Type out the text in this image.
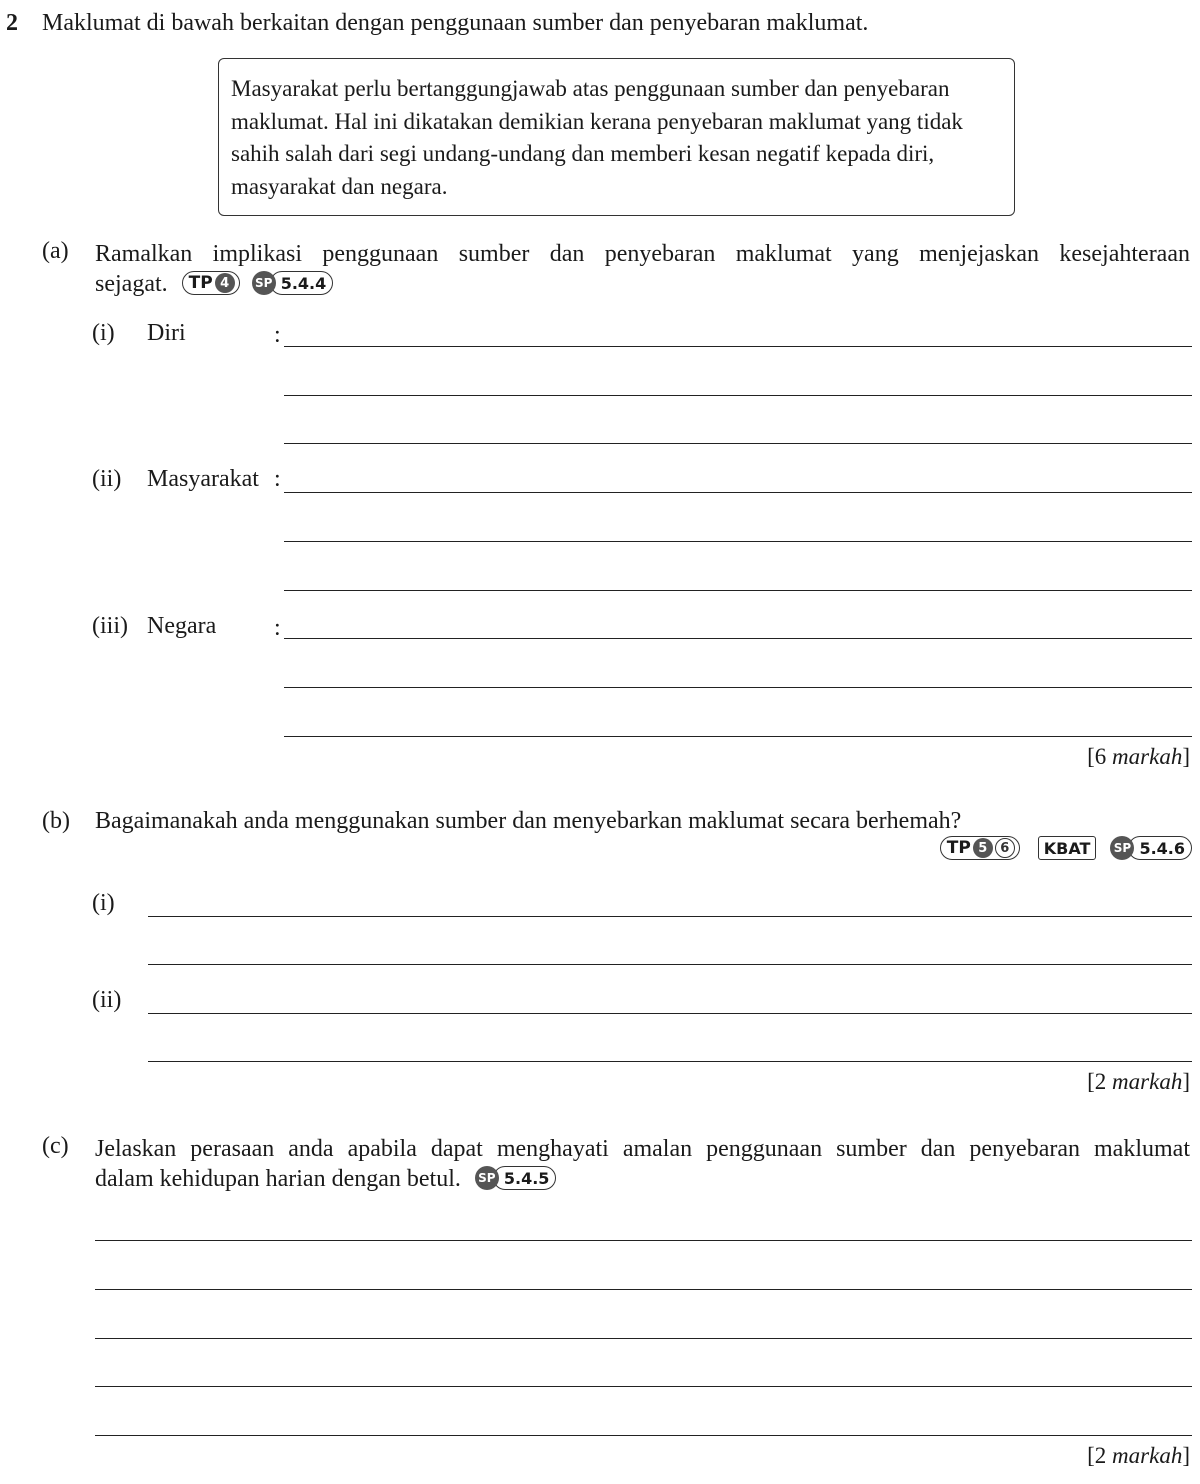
2 Maklumat di bawah berkaitan dengan penggunaan sumber dan penyebaran maklumat.
Masyarakat perlu bertanggungjawab atas penggunaan sumber dan penyebaran
maklumat. Hal ini dikatakan demikian kerana penyebaran maklumat yang tidak
sahih salah dari segi undang-undang dan memberi kesan negatif kepada diri,
masyarakat dan negara.
(a) Ramalkan implikasi penggunaan sumber dan penyebaran maklumat yang menjejaskan kesejahteraan
sejagat. TP 4
	SP 5.4.4
(i) Diri	:
(ii) Masyarakat :
(iii) Negara :
[6 markah]
(b) Bagaimanakah anda menggunakan sumber dan menyebarkan maklumat secara berhemah?
TP 5 6
	KBAT
	SP 5.4.6
(i)
(ii)
[2 markah]
(c) Jelaskan perasaan anda apabila dapat menghayati amalan penggunaan sumber dan penyebaran maklumat
dalam kehidupan harian dengan betul. SP 5.4.5
[2 markah]
